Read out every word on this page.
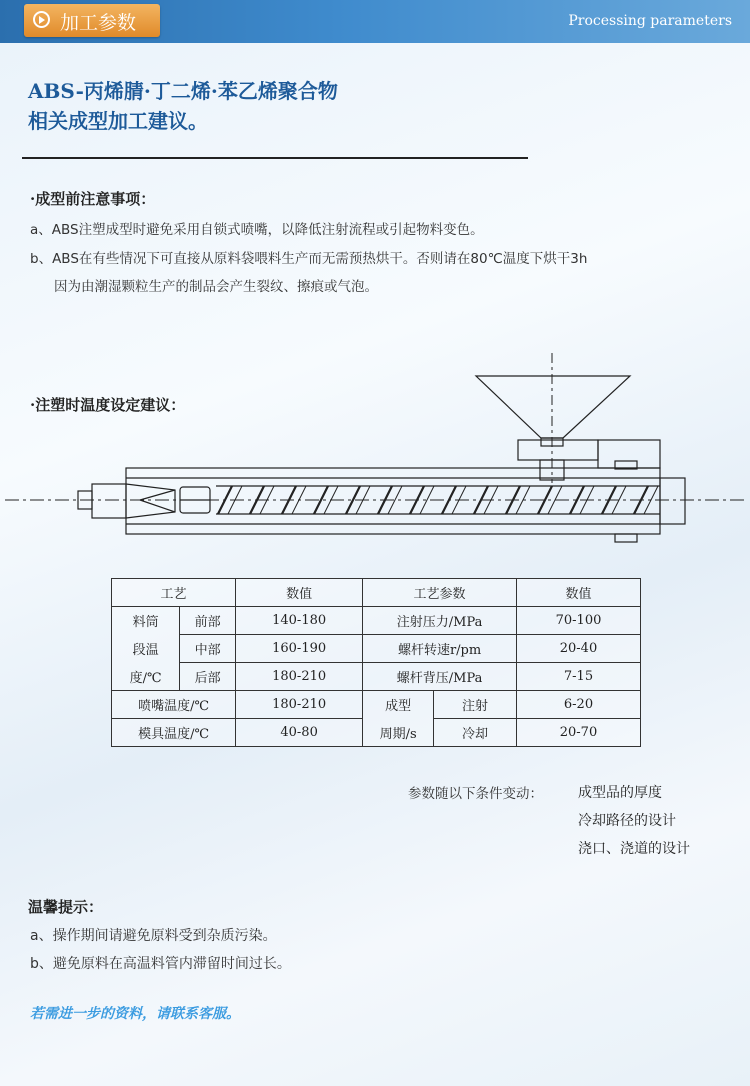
加工参数	Processing parameters
ABS-丙烯腈·丁二烯·苯乙烯聚合物
相关成型加工建议。
·成型前注意事项：
a、ABS注塑成型时避免采用自锁式喷嘴，以降低注射流程或引起物料变色。
b、ABS在有些情况下可直接从原料袋喂料生产而无需预热烘干。否则请在80℃温度下烘干3h
因为由潮湿颗粒生产的制品会产生裂纹、擦痕或气泡。
·注塑时温度设定建议：
工艺		数值	工艺参数		数值
料筒	前部	140-180	注射压力/MPa		70-100
段温	中部	160-190	螺杆转速r/pm		20-40
度/℃	后部	180-210	螺杆背压/MPa		7-15
喷嘴温度/℃		180-210	成型	注射	6-20
模具温度/℃		40-80	周期/s	冷却	20-70
参数随以下条件变动：	成型品的厚度
冷却路径的设计
浇口、浇道的设计
温馨提示：
a、操作期间请避免原料受到杂质污染。
b、避免原料在高温料管内滞留时间过长。
若需进一步的资料，请联系客服。
